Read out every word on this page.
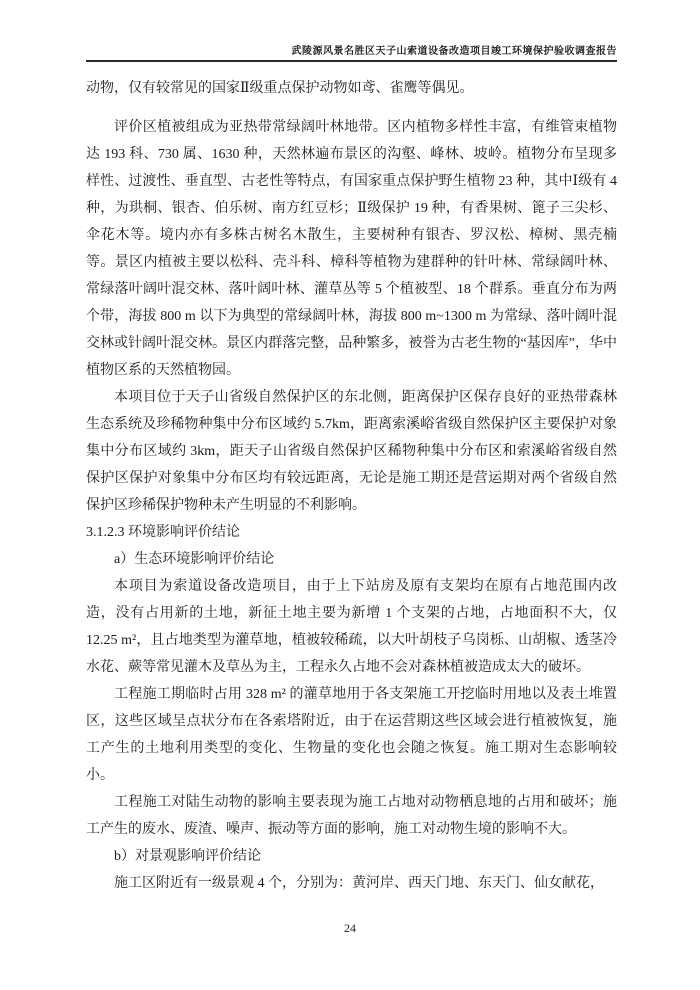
武陵源风景名胜区天子山索道设备改造项目竣工环境保护验收调查报告

动物，仅有较常见的国家Ⅱ级重点保护动物如鸢、雀鹰等偶见。

评价区植被组成为亚热带常绿阔叶林地带。区内植物多样性丰富，有维管束植物达 193 科、730 属、1630 种，天然林遍布景区的沟壑、峰林、坡岭。植物分布呈现多样性、过渡性、垂直型、古老性等特点，有国家重点保护野生植物 23 种，其中Ⅰ级有 4 种，为珙桐、银杏、伯乐树、南方红豆杉；Ⅱ级保护 19 种，有香果树、篦子三尖杉、伞花木等。境内亦有多株古树名木散生，主要树种有银杏、罗汉松、樟树、黑壳楠等。景区内植被主要以松科、壳斗科、樟科等植物为建群种的针叶林、常绿阔叶林、常绿落叶阔叶混交林、落叶阔叶林、灌草丛等 5 个植被型、18 个群系。垂直分布为两个带，海拔 800 m 以下为典型的常绿阔叶林，海拔 800 m~1300 m 为常绿、落叶阔叶混交林或针阔叶混交林。景区内群落完整，品种繁多，被誉为古老生物的“基因库”，华中植物区系的天然植物园。

本项目位于天子山省级自然保护区的东北侧，距离保护区保存良好的亚热带森林生态系统及珍稀物种集中分布区域约 5.7km，距离索溪峪省级自然保护区主要保护对象集中分布区域约 3km，距天子山省级自然保护区稀物种集中分布区和索溪峪省级自然保护区保护对象集中分布区均有较远距离，无论是施工期还是营运期对两个省级自然保护区珍稀保护物种未产生明显的不利影响。

3.1.2.3 环境影响评价结论

a）生态环境影响评价结论

本项目为索道设备改造项目，由于上下站房及原有支架均在原有占地范围内改造，没有占用新的土地，新征土地主要为新增 1 个支架的占地，占地面积不大，仅12.25 m²，且占地类型为灌草地，植被较稀疏，以大叶胡枝子乌岗栎、山胡椒、透茎冷水花、蕨等常见灌木及草丛为主，工程永久占地不会对森林植被造成太大的破坏。

工程施工期临时占用 328 m² 的灌草地用于各支架施工开挖临时用地以及表土堆置区，这些区域呈点状分布在各索塔附近，由于在运营期这些区域会进行植被恢复，施工产生的土地利用类型的变化、生物量的变化也会随之恢复。施工期对生态影响较小。

工程施工对陆生动物的影响主要表现为施工占地对动物栖息地的占用和破坏；施工产生的废水、废渣、噪声、振动等方面的影响，施工对动物生境的影响不大。

b）对景观影响评价结论

施工区附近有一级景观 4 个，分别为：黄河岸、西天门地、东天门、仙女献花，

24
